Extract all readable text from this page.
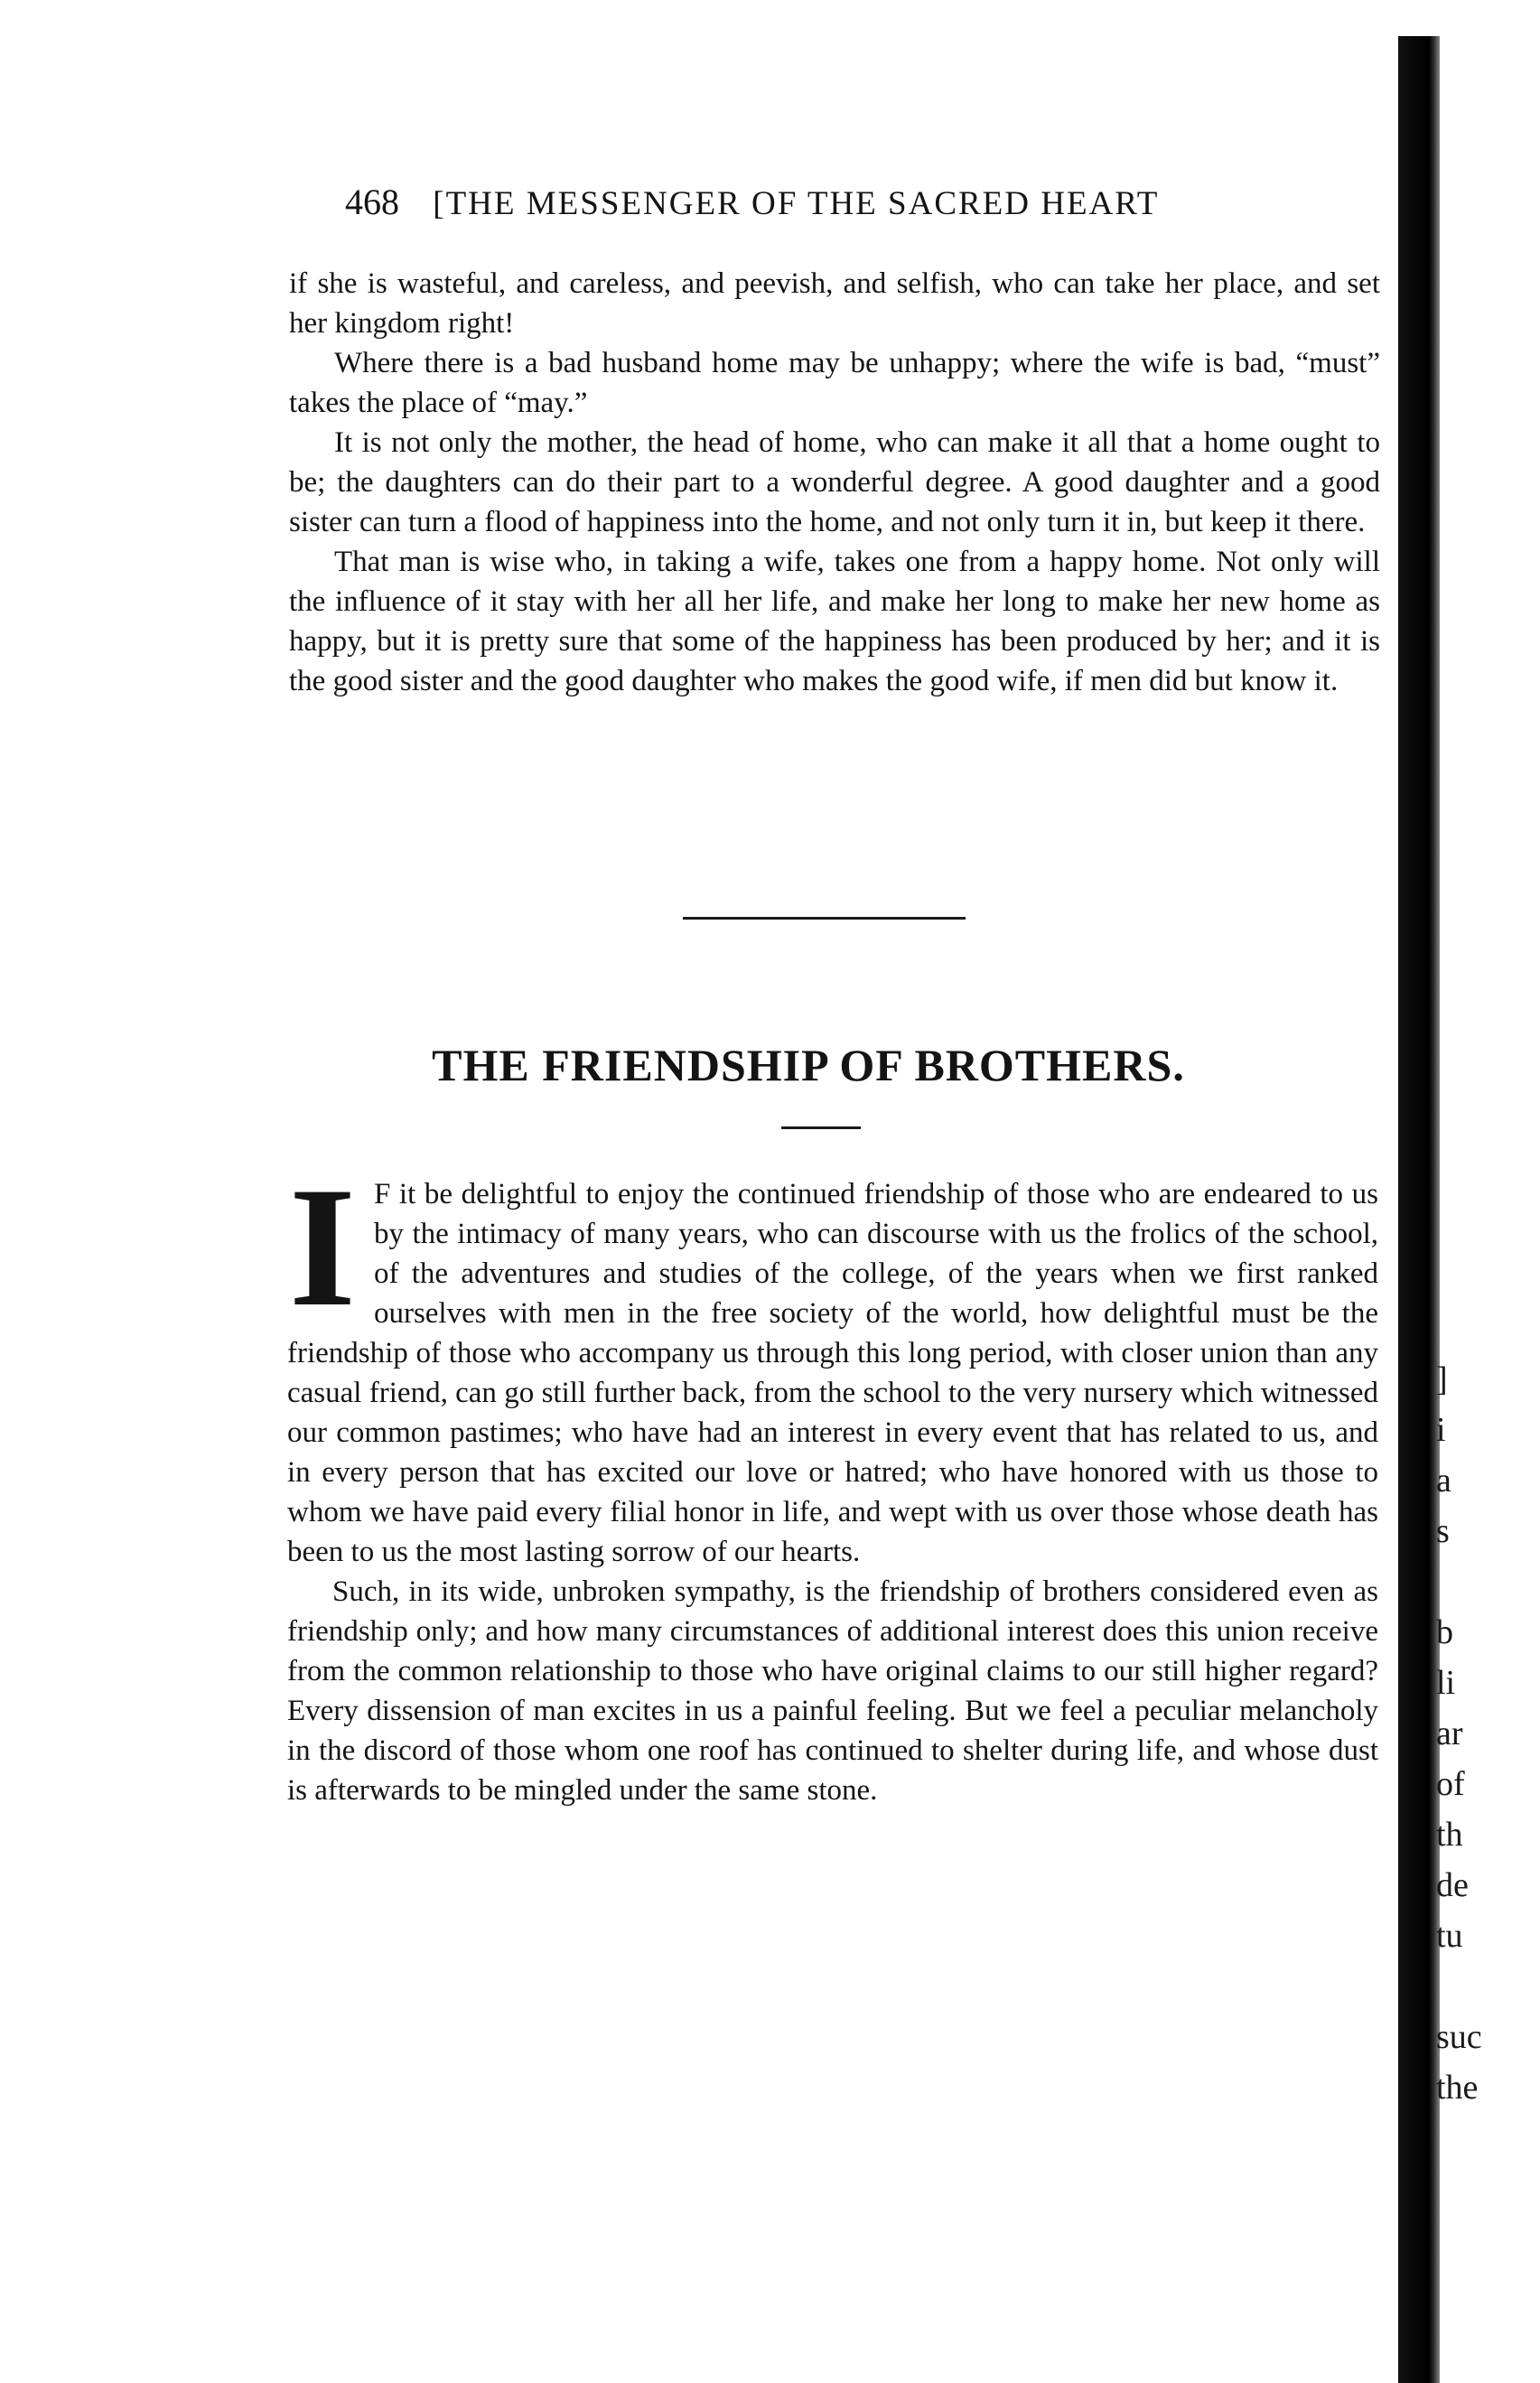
468 [THE MESSENGER OF THE SACRED HEART

if she is wasteful, and careless, and peevish, and selfish, who can take her place, and set her kingdom right!

Where there is a bad husband home may be unhappy; where the wife is bad, “must” takes the place of “may.”

It is not only the mother, the head of home, who can make it all that a home ought to be; the daughters can do their part to a wonderful degree. A good daughter and a good sister can turn a flood of happiness into the home, and not only turn it in, but keep it there.

That man is wise who, in taking a wife, takes one from a happy home. Not only will the influence of it stay with her all her life, and make her long to make her new home as happy, but it is pretty sure that some of the happiness has been produced by her; and it is the good sister and the good daughter who makes the good wife, if men did but know it.

THE FRIENDSHIP OF BROTHERS.

I F it be delightful to enjoy the continued friendship of those who are endeared to us by the intimacy of many years, who can discourse with us the frolics of the school, of the adventures and studies of the college, of the years when we first ranked ourselves with men in the free society of the world, how delightful must be the friendship of those who accompany us through this long period, with closer union than any casual friend, can go still further back, from the school to the very nursery which witnessed our common pastimes; who have had an interest in every event that has related to us, and in every person that has excited our love or hatred; who have honored with us those to whom we have paid every filial honor in life, and wept with us over those whose death has been to us the most lasting sorrow of our hearts.

Such, in its wide, unbroken sympathy, is the friendship of brothers considered even as friendship only; and how many circumstances of additional interest does this union receive from the common relationship to those who have original claims to our still higher regard? Every dissension of man excites in us a painful feeling. But we feel a peculiar melancholy in the discord of those whom one roof has continued to shelter during life, and whose dust is afterwards to be mingled under the same stone.

]
i
a
s
b
li
ar
of
th
de
tu
suc
the
